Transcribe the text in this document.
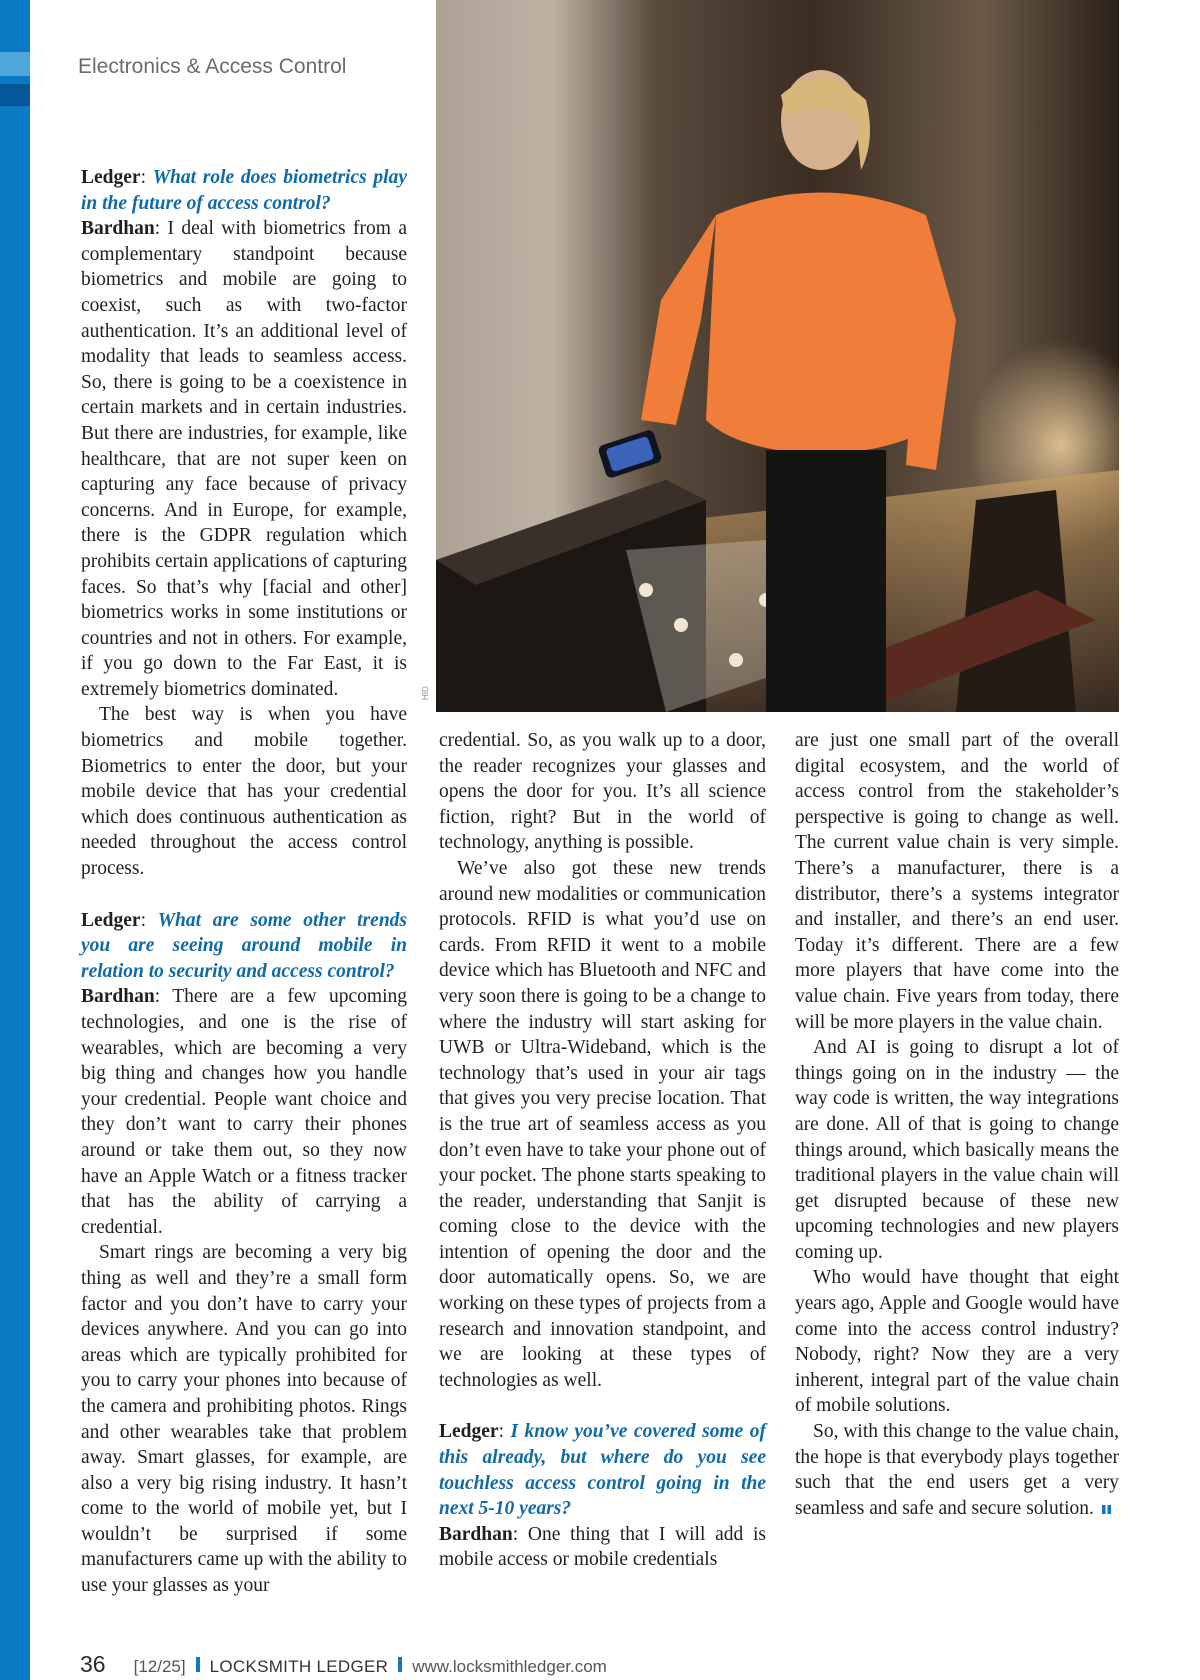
Electronics & Access Control
HID

Ledger: What role does biometrics play in the future of access control?

Bardhan: I deal with biometrics from a complementary standpoint because biometrics and mobile are going to coexist, such as with two-factor authentication. It’s an additional level of modality that leads to seamless access. So, there is going to be a coexistence in certain markets and in certain industries. But there are industries, for example, like healthcare, that are not super keen on capturing any face because of privacy concerns. And in Europe, for example, there is the GDPR regulation which prohibits certain applications of capturing faces. So that’s why [facial and other] biometrics works in some institutions or countries and not in others. For example, if you go down to the Far East, it is extremely biometrics dominated.

The best way is when you have biometrics and mobile together. Biometrics to enter the door, but your mobile device that has your credential which does continuous authentication as needed throughout the access control process.

Ledger: What are some other trends you are seeing around mobile in relation to security and access control?

Bardhan: There are a few upcoming technologies, and one is the rise of wearables, which are becoming a very big thing and changes how you handle your credential. People want choice and they don’t want to carry their phones around or take them out, so they now have an Apple Watch or a fitness tracker that has the ability of carrying a credential.

Smart rings are becoming a very big thing as well and they’re a small form factor and you don’t have to carry your devices anywhere. And you can go into areas which are typically prohibited for you to carry your phones into because of the camera and prohibiting photos. Rings and other wearables take that problem away. Smart glasses, for example, are also a very big rising industry. It hasn’t come to the world of mobile yet, but I wouldn’t be surprised if some manufacturers came up with the ability to use your glasses as your

credential. So, as you walk up to a door, the reader recognizes your glasses and opens the door for you. It’s all science fiction, right? But in the world of technology, anything is possible.

We’ve also got these new trends around new modalities or communication protocols. RFID is what you’d use on cards. From RFID it went to a mobile device which has Bluetooth and NFC and very soon there is going to be a change to where the industry will start asking for UWB or Ultra-Wideband, which is the technology that’s used in your air tags that gives you very precise location. That is the true art of seamless access as you don’t even have to take your phone out of your pocket. The phone starts speaking to the reader, understanding that Sanjit is coming close to the device with the intention of opening the door and the door automatically opens. So, we are working on these types of projects from a research and innovation standpoint, and we are looking at these types of technologies as well.

Ledger: I know you’ve covered some of this already, but where do you see touchless access control going in the next 5-10 years?

Bardhan: One thing that I will add is mobile access or mobile credentials

are just one small part of the overall digital ecosystem, and the world of access control from the stakeholder’s perspective is going to change as well. The current value chain is very simple. There’s a manufacturer, there is a distributor, there’s a systems integrator and installer, and there’s an end user. Today it’s different. There are a few more players that have come into the value chain. Five years from today, there will be more players in the value chain.

And AI is going to disrupt a lot of things going on in the industry — the way code is written, the way integrations are done. All of that is going to change things around, which basically means the traditional players in the value chain will get disrupted because of these new upcoming technologies and new players coming up.

Who would have thought that eight years ago, Apple and Google would have come into the access control industry? Nobody, right? Now they are a very inherent, integral part of the value chain of mobile solutions.

So, with this change to the value chain, the hope is that everybody plays together such that the end users get a very seamless and safe and secure solution.

36 [12/25] LOCKSMITH LEDGER www.locksmithledger.com
